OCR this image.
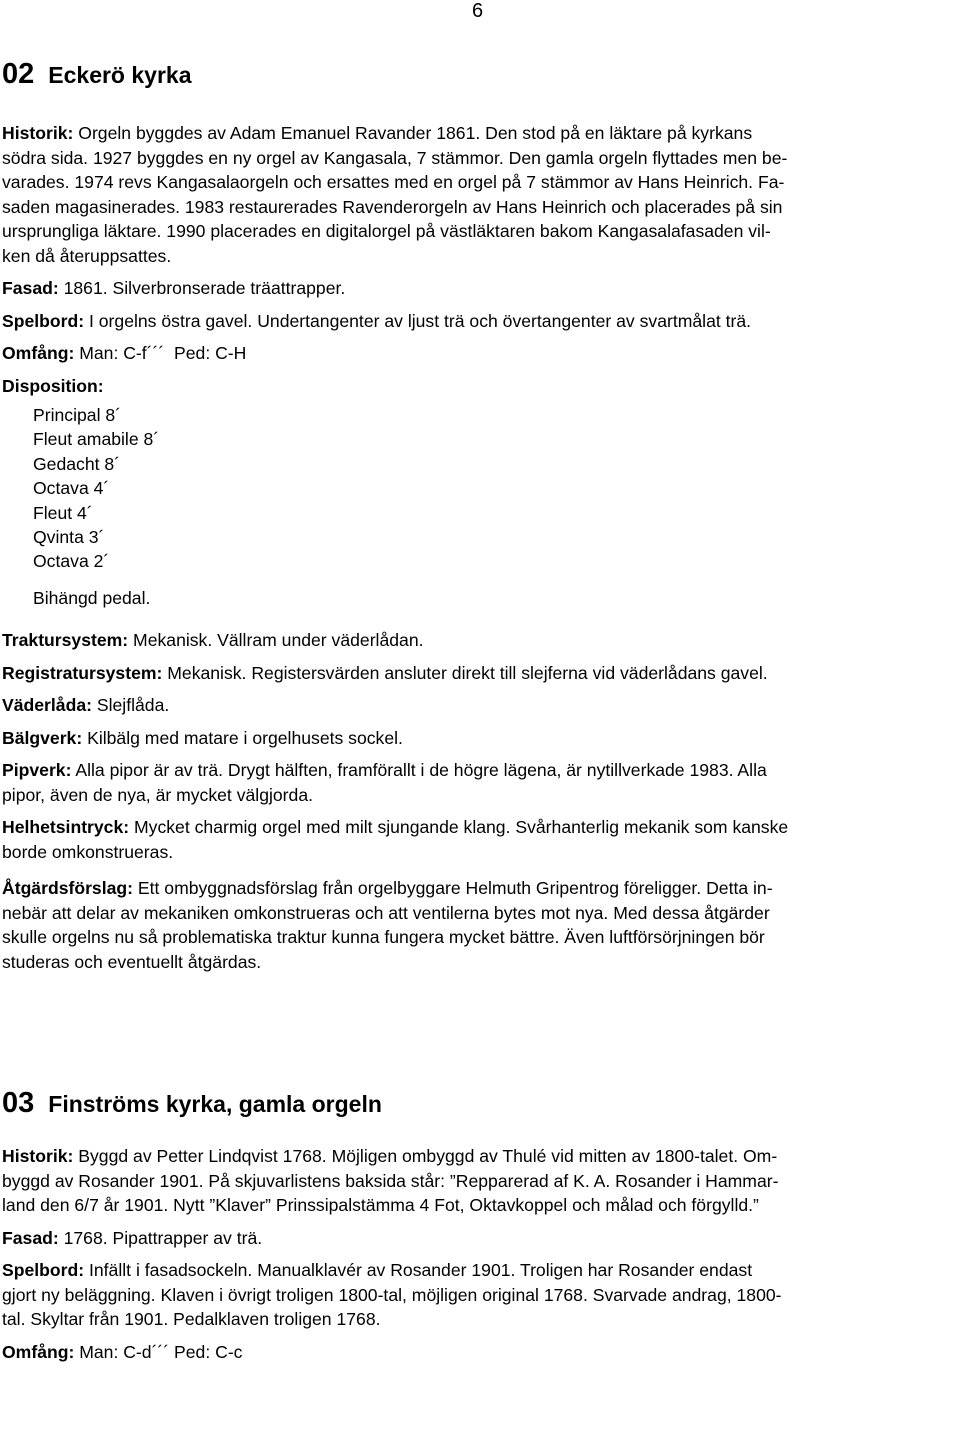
6
02 Eckerö kyrka

Historik: Orgeln byggdes av Adam Emanuel Ravander 1861. Den stod på en läktare på kyrkans
södra sida. 1927 byggdes en ny orgel av Kangasala, 7 stämmor. Den gamla orgeln flyttades men be-
varades. 1974 revs Kangasalaorgeln och ersattes med en orgel på 7 stämmor av Hans Heinrich. Fa-
saden magasinerades. 1983 restaurerades Ravenderorgeln av Hans Heinrich och placerades på sin
ursprungliga läktare. 1990 placerades en digitalorgel på västläktaren bakom Kangasalafasaden vil-
ken då återuppsattes.

Fasad: 1861. Silverbronserade träattrapper.

Spelbord: I orgelns östra gavel. Undertangenter av ljust trä och övertangenter av svartmålat trä.

Omfång: Man: C-f´´´  Ped: C-H

Disposition:

Principal 8´
Fleut amabile 8´
Gedacht 8´
Octava 4´
Fleut 4´
Qvinta 3´
Octava 2´
Bihängd pedal.

Traktursystem: Mekanisk. Vällram under väderlådan.

Registratursystem: Mekanisk. Registersvärden ansluter direkt till slejferna vid väderlådans gavel.

Väderlåda: Slejflåda.

Bälgverk: Kilbälg med matare i orgelhusets sockel.

Pipverk: Alla pipor är av trä. Drygt hälften, framförallt i de högre lägena, är nytillverkade 1983. Alla
pipor, även de nya, är mycket välgjorda.

Helhetsintryck: Mycket charmig orgel med milt sjungande klang. Svårhanterlig mekanik som kanske
borde omkonstrueras.

Åtgärdsförslag: Ett ombyggnadsförslag från orgelbyggare Helmuth Gripentrog föreligger. Detta in-
nebär att delar av mekaniken omkonstrueras och att ventilerna bytes mot nya. Med dessa åtgärder
skulle orgelns nu så problematiska traktur kunna fungera mycket bättre. Även luftförsörjningen bör
studeras och eventuellt åtgärdas.

03 Finströms kyrka, gamla orgeln

Historik: Byggd av Petter Lindqvist 1768. Möjligen ombyggd av Thulé vid mitten av 1800-talet. Om-
byggd av Rosander 1901. På skjuvarlistens baksida står: ”Repparerad af K. A. Rosander i Hammar-
land den 6/7 år 1901. Nytt ”Klaver” Prinssipalstämma 4 Fot, Oktavkoppel och målad och förgylld.”

Fasad: 1768. Pipattrapper av trä.

Spelbord: Infällt i fasadsockeln. Manualklavér av Rosander 1901. Troligen har Rosander endast
gjort ny beläggning. Klaven i övrigt troligen 1800-tal, möjligen original 1768. Svarvade andrag, 1800-
tal. Skyltar från 1901. Pedalklaven troligen 1768.

Omfång: Man: C-d´´´ Ped: C-c
